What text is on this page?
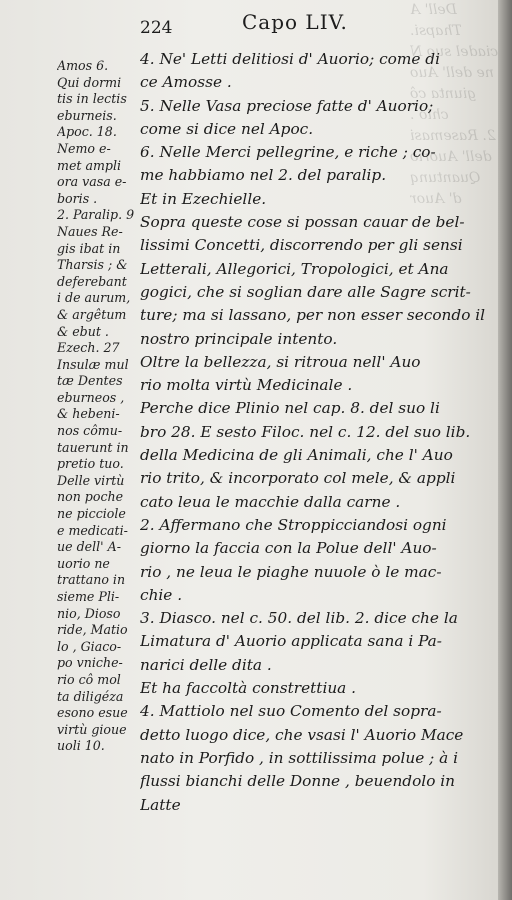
Dell' A
Thapsi.
ciadel suo N
ne dell' Auo
giunta cô
chio .
2. Rasemasi
dell' Auorio
Quantunq
d' Auor
224	Capo LIV.
Amos 6.
Qui dormi
tis in lectis
eburneis.
Apoc. 18.
Nemo e-
met ampli
ora vasa e-
boris .
2. Paralip. 9
Naues Re-
gis ibat in
Tharsis ; &
deferebant
i de aurum,
& argêtum
& ebut .
Ezech. 27
Insulæ mul
tæ Dentes
eburneos ,
& hebeni-
nos cômu-
tauerunt in
pretio tuo.
Delle virtù
non poche
ne picciole
e medicati-
ue dell' A-
uorio ne
trattano in
sieme Pli-
nio, Dioso
ride, Matio
lo , Giaco-
po vniche-
rio cô mol
ta diligéza
esono esue
virtù gioue
uoli 10.
4. Ne' Letti delitiosi d' Auorio; come di
ce Amosse .
5. Nelle Vasa preciose fatte d' Auorio;
come si dice nel Apoc.
6. Nelle Merci pellegrine, e riche ; co-
me habbiamo nel 2. del paralip.
Et in Ezechielle.
Sopra queste cose si possan cauar de bel-
lissimi Concetti, discorrendo per gli sensi
Letterali, Allegorici, Tropologici, et Ana
gogici, che si soglian dare alle Sagre scrit-
ture; ma si lassano, per non esser secondo il
nostro principale intento.
Oltre la bellezza, si ritroua nell' Auo
rio molta virtù Medicinale .
Perche dice Plinio nel cap. 8. del suo li
bro 28. E sesto Filoc. nel c. 12. del suo lib.
della Medicina de gli Animali, che l' Auo
rio trito, & incorporato col mele, & appli
cato leua le macchie dalla carne .
2. Affermano che Stroppicciandosi ogni
giorno la faccia con la Polue dell' Auo-
rio , ne leua le piaghe nuuole ò le mac-
chie .
3. Diasco. nel c. 50. del lib. 2. dice che la
Limatura d' Auorio applicata sana i Pa-
narici delle dita .
Et ha faccoltà constrettiua .
4. Mattiolo nel suo Comento del sopra-
detto luogo dice, che vsasi l' Auorio Mace
nato in Porfido , in sottilissima polue ; à i
flussi bianchi delle Donne , beuendolo in
Latte
